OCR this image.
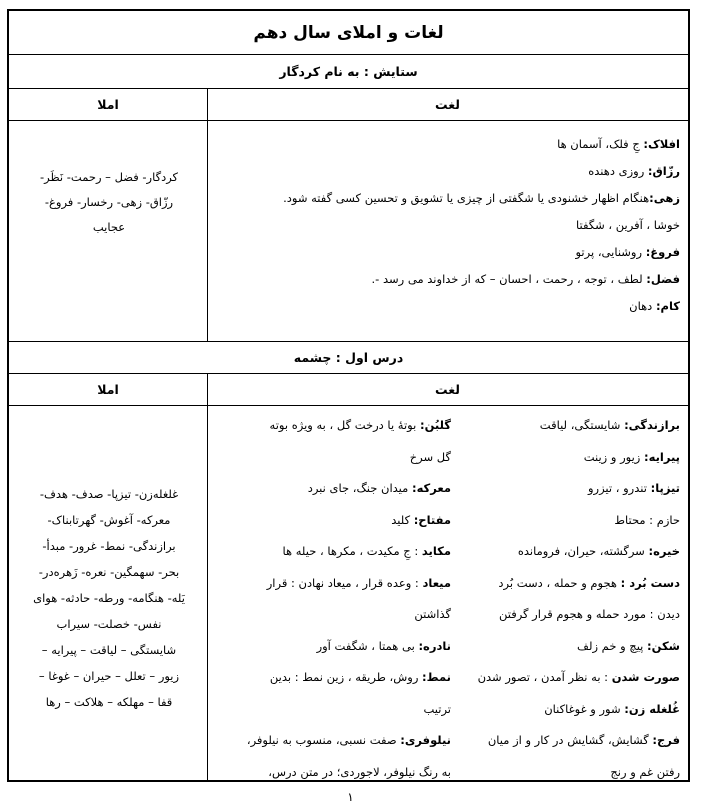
لغات و املای سال دهم
ستایش : به نام کردگار
لغت
املا

افلاک: جِ فلک، آسمان ها

رزّاق: روزی دهنده

زهی:هنگام اظهار خشنودی یا شگفتی از چیزی یا تشویق و تحسین کسی گفته شود.

خوشا ، آفرین ، شگفتا

فروغ: روشنایی، پرتو

فضل: لطف ، توجه ، رحمت ، احسان – که از خداوند می رسد -.

کام: دهان

کردگار- فضل – رحمت- نَظَر-
رزّاق- زهی- رخسار- فروغ-
عجایب
درس اول : چشمه
لغت
املا

برازندگی: شایستگی، لیاقت

پیرایه: زیور و زینت

تیزپا: تندرو ، تیزرو

حازم : محتاط

خیره: سرگشته، حیران، فرومانده

دست بُرد : هجوم و حمله ، دست بُرد

دیدن : مورد حمله و هجوم قرار گرفتن

شکن: پیچ و خم زلف

صورت شدن : به نظر آمدن ، تصور شدن

غُلغله زن: شور و غوغاکنان

فرج: گشایش، گشایش در کار و از میان

رفتن غم و رنج

گلبُن: بوتهٔ یا درخت گل ، به ویژه بوته

گل سرخ

معرکه: میدان جنگ، جای نبرد

مفتاح: کلید

مکاید : جِ مکیدت ، مکرها ، حیله ها

میعاد : وعده قرار ، میعاد نهادن : قرار

گذاشتن

نادره: بی همتا ، شگفت آور

نمط: روش، طریقه ، زین نمط : بدین

ترتیب

نیلوفری: صفت نسبی، منسوب به نیلوفر،

به رنگ نیلوفر، لاجوردی؛ در متن درس،

غلغله‌زن- تیزپا- صدف- هدف-
معرکه- آغوش- گهرتابناک-
برازندگی- نمط- غرور- مبدأ-
بحر- سهمگین- نعره- زَهره‌در-
یَله- هنگامه- ورطه- حادثه- هوای
نفس- خصلت- سیراب
شایستگی – لیاقت – پیرایه –
زیور – تعلل – حیران – غوغا –
قفا – مهلکه – هلاکت – رها
۱
